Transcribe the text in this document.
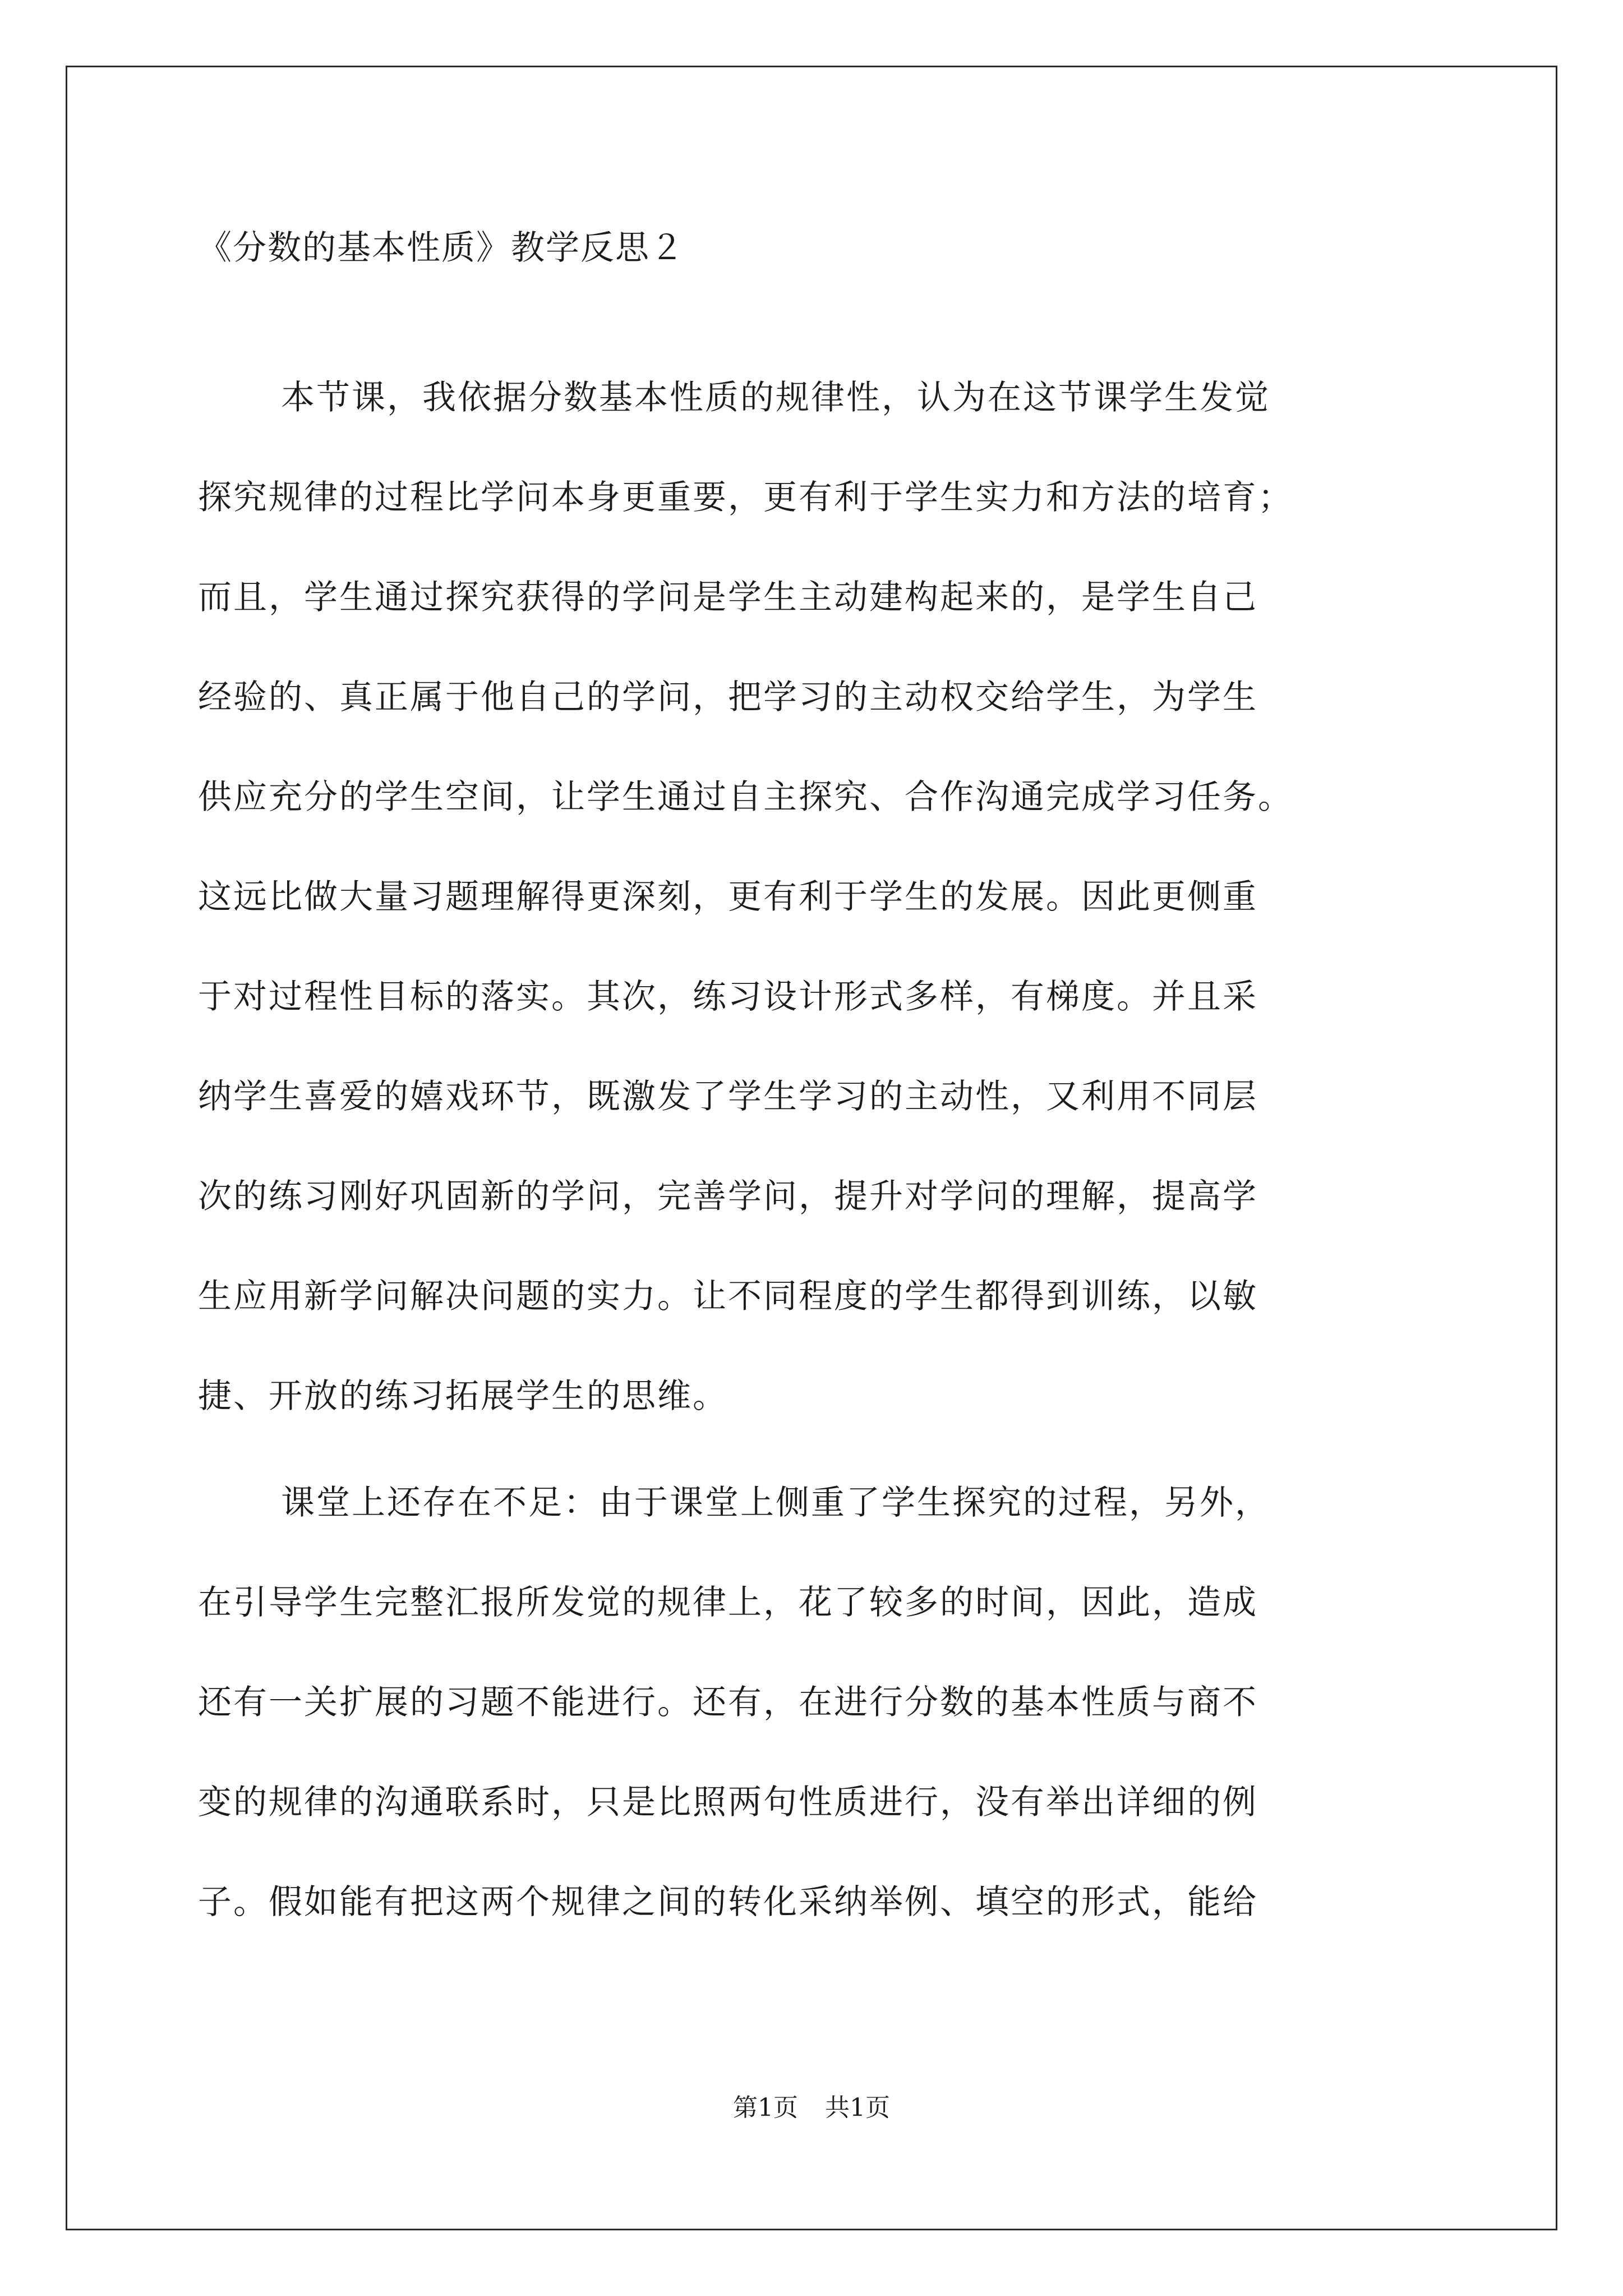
《分数的基本性质》教学反思２
本节课，我依据分数基本性质的规律性，认为在这节课学生发觉
探究规律的过程比学问本身更重要，更有利于学生实力和方法的培育；
而且，学生通过探究获得的学问是学生主动建构起来的，是学生自己
经验的、真正属于他自己的学问，把学习的主动权交给学生，为学生
供应充分的学生空间，让学生通过自主探究、合作沟通完成学习任务。
这远比做大量习题理解得更深刻，更有利于学生的发展。因此更侧重
于对过程性目标的落实。其次，练习设计形式多样，有梯度。并且采
纳学生喜爱的嬉戏环节，既激发了学生学习的主动性，又利用不同层
次的练习刚好巩固新的学问，完善学问，提升对学问的理解，提高学
生应用新学问解决问题的实力。让不同程度的学生都得到训练，以敏
捷、开放的练习拓展学生的思维。
课堂上还存在不足：由于课堂上侧重了学生探究的过程，另外，
在引导学生完整汇报所发觉的规律上，花了较多的时间，因此，造成
还有一关扩展的习题不能进行。还有，在进行分数的基本性质与商不
变的规律的沟通联系时，只是比照两句性质进行，没有举出详细的例
子。假如能有把这两个规律之间的转化采纳举例、填空的形式，能给
第1页 共1页
